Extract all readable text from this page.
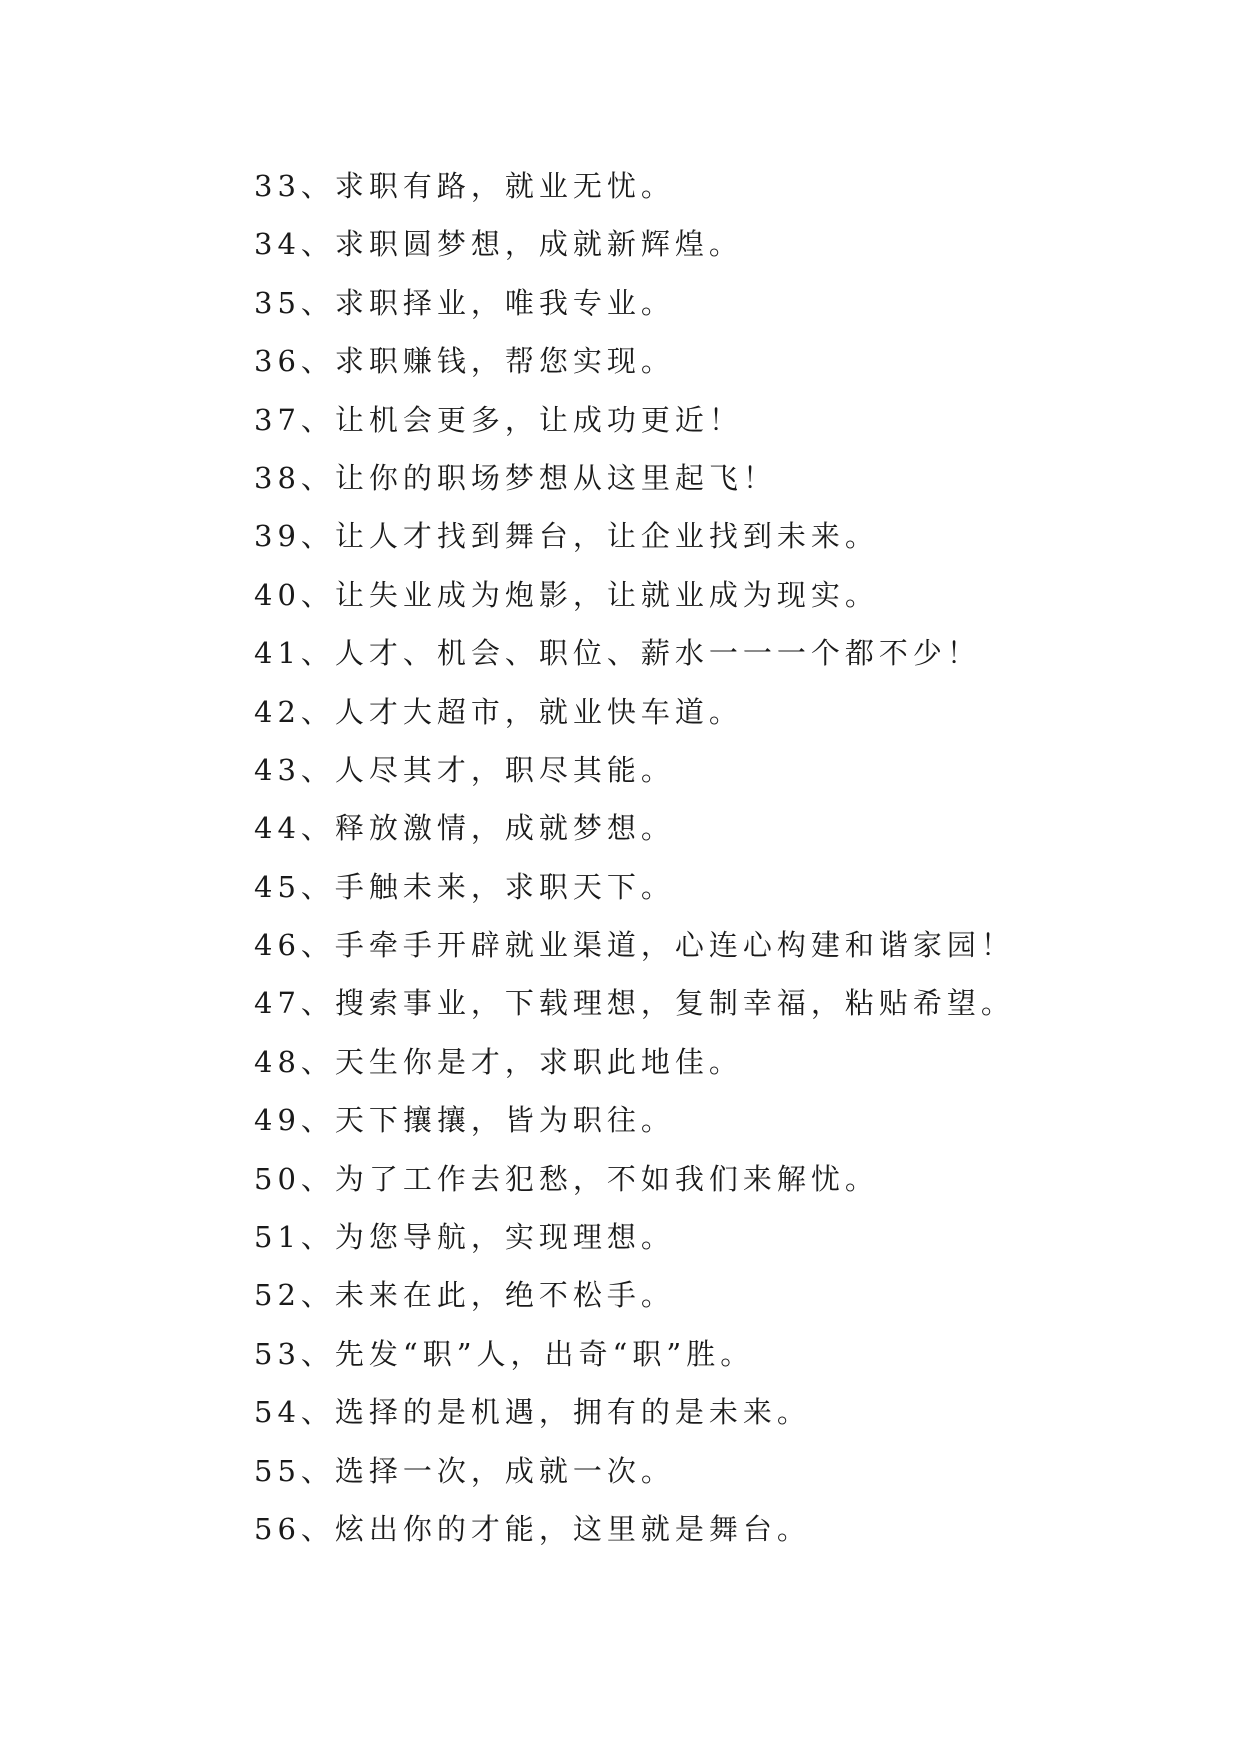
33、求职有路，就业无忧。
34、求职圆梦想，成就新辉煌。
35、求职择业，唯我专业。
36、求职赚钱，帮您实现。
37、让机会更多，让成功更近！
38、让你的职场梦想从这里起飞！
39、让人才找到舞台，让企业找到未来。
40、让失业成为炮影，让就业成为现实。
41、人才、机会、职位、薪水一一一个都不少！
42、人才大超市，就业快车道。
43、人尽其才，职尽其能。
44、释放激情，成就梦想。
45、手触未来，求职天下。
46、手牵手开辟就业渠道，心连心构建和谐家园！
47、搜索事业，下载理想，复制幸福，粘贴希望。
48、天生你是才，求职此地佳。
49、天下攘攘，皆为职往。
50、为了工作去犯愁，不如我们来解忧。
51、为您导航，实现理想。
52、未来在此，绝不松手。
53、先发“职”人，出奇“职”胜。
54、选择的是机遇，拥有的是未来。
55、选择一次，成就一次。
56、炫出你的才能，这里就是舞台。
